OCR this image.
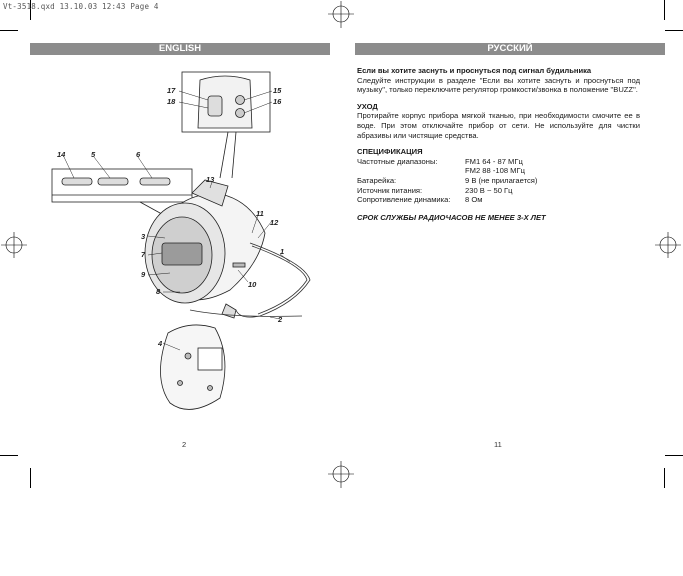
Vt-3518.qxd 13.10.03 12:43 Page 4
ENGLISH	РУССКИЙ
17
18
15
16
14	5	6
13
3
7
9
8
10
11
12
1
2
4

Если вы хотите заснуть и проснуться под сигнал будильника

Следуйте инструкции в разделе "Если вы хотите заснуть и проснуться под музыку", только переключите регулятор громкости/звонка в положение "BUZZ".

УХОД

Протирайте корпус прибора мягкой тканью, при необходимости смочите ее в воде. При этом отключайте прибор от сети. Не используйте для чистки абразивы или чистящие средства.

СПЕЦИФИКАЦИЯ

Частотные диапазоны:	FM1 64 - 87 МГц
FM2 88 -108 МГц
Батарейка:	9 В (не прилагается)
Источник питания:	230 В ~ 50 Гц
Сопротивление динамика:	8 Ом

СРОК СЛУЖБЫ РАДИОЧАСОВ НЕ МЕНЕЕ 3-Х ЛЕТ

2	11
